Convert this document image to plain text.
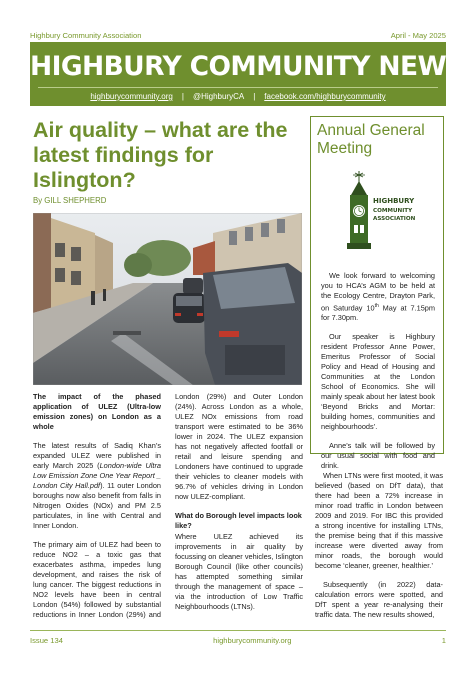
Highbury Community Association	April - May 2025
HIGHBURY COMMUNITY NEWS
highburycommunity.org | @HighburyCA | facebook.com/highburycommunity
Air quality – what are the latest findings for Islington?
By GILL SHEPHERD

The impact of the phased application of ULEZ (Ultra-low emission zones) on London as a whole

The latest results of Sadiq Khan’s expanded ULEZ were published in early March 2025 (London-wide Ultra Low Emission Zone One Year Report _ London City Hall.pdf). 11 outer London boroughs now also benefit from falls in Nitrogen Oxides (NOx) and PM 2.5 particulates, in line with Central and Inner London.

The primary aim of ULEZ had been to reduce NO2 – a toxic gas that exacerbates asthma, impedes lung development, and raises the risk of lung cancer. The biggest reductions in NO2 levels have been in central London (54%) followed by substantial reductions in Inner London (29%) and

London (29%) and Outer London (24%). Across London as a whole, ULEZ NOx emissions from road transport were estimated to be 36% lower in 2024. The ULEZ expansion has not negatively affected footfall or retail and leisure spending and Londoners have continued to upgrade their vehicles to cleaner models with 96.7% of vehicles driving in London now ULEZ-compliant.

What do Borough level impacts look like?

Where ULEZ achieved its improvements in air quality by focussing on cleaner vehicles, Islington Borough Council (like other councils) has attempted something similar through the management of space – via the introduction of Low Traffic Neighbourhoods (LTNs).

Annual General Meeting
HIGHBURY
COMMUNITY
ASSOCIATION

We look forward to welcoming you to HCA’s AGM to be held at the Ecology Centre, Drayton Park, on Saturday 10th May at 7.15pm for 7.30pm.

Our speaker is Highbury resident Professor Anne Power, Emeritus Professor of Social Policy and Head of Housing and Communities at the London School of Economics. She will mainly speak about her latest book ‘Beyond Bricks and Mortar: building homes, communities and neighbourhoods’.

Anne’s talk will be followed by our usual social with food and drink.

When LTNs were first mooted, it was believed (based on DfT data), that there had been a 72% increase in minor road traffic in London between 2009 and 2019. For IBC this provided a strong incentive for installing LTNs, the premise being that if this massive increase were diverted away from minor roads, the borough would become ‘cleaner, greener, healthier.’

Subsequently (in 2022) data-calculation errors were spotted, and DfT spent a year re-analysing their traffic data. The new results showed,

Issue 134	highburycommunity.org	1
